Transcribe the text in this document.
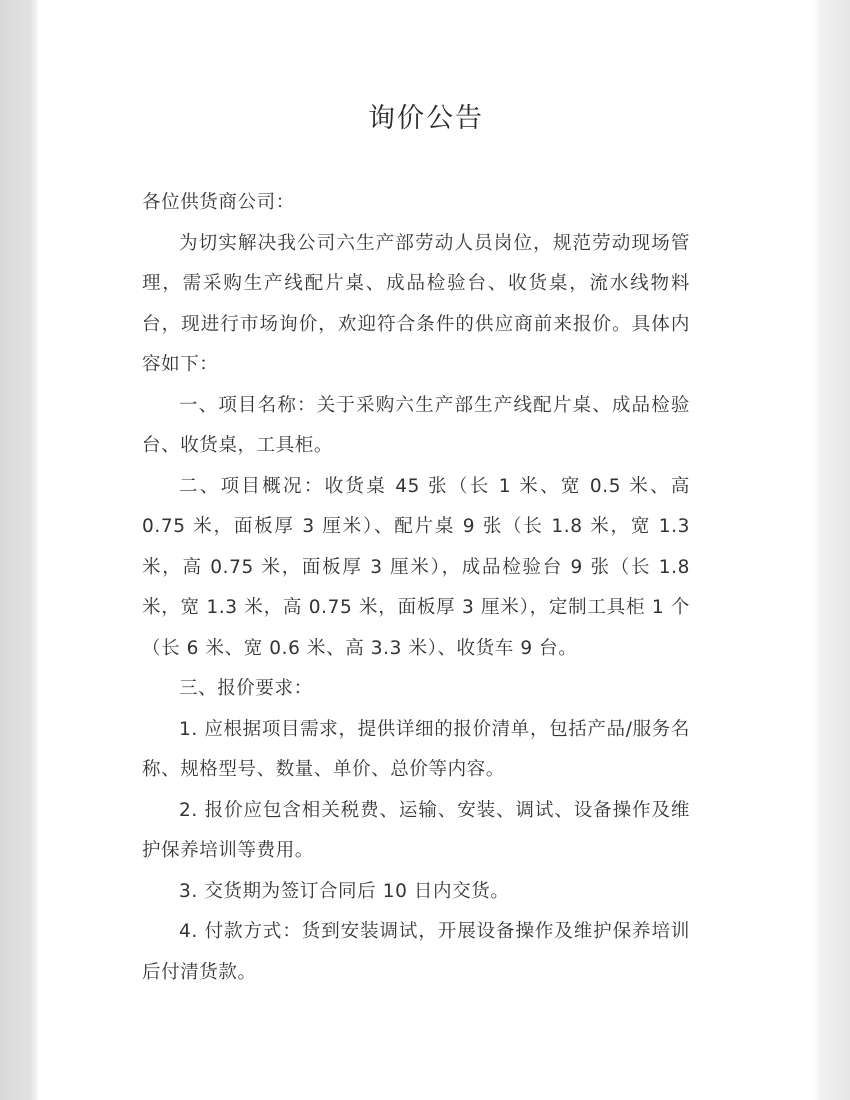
询价公告

各位供货商公司：

为切实解决我公司六生产部劳动人员岗位，规范劳动现场管理，需采购生产线配片桌、成品检验台、收货桌，流水线物料台，现进行市场询价，欢迎符合条件的供应商前来报价。具体内容如下：

一、项目名称：关于采购六生产部生产线配片桌、成品检验台、收货桌，工具柜。

二、项目概况：收货桌 45 张（长 1 米、宽 0.5 米、高 0.75 米，面板厚 3 厘米）、配片桌 9 张（长 1.8 米，宽 1.3 米，高 0.75 米，面板厚 3 厘米），成品检验台 9 张（长 1.8 米，宽 1.3 米，高 0.75 米，面板厚 3 厘米），定制工具柜 1 个（长 6 米、宽 0.6 米、高 3.3 米）、收货车 9 台。

三、报价要求：

1. 应根据项目需求，提供详细的报价清单，包括产品/服务名称、规格型号、数量、单价、总价等内容。

2. 报价应包含相关税费、运输、安装、调试、设备操作及维护保养培训等费用。

3. 交货期为签订合同后 10 日内交货。

4. 付款方式：货到安装调试，开展设备操作及维护保养培训后付清货款。
